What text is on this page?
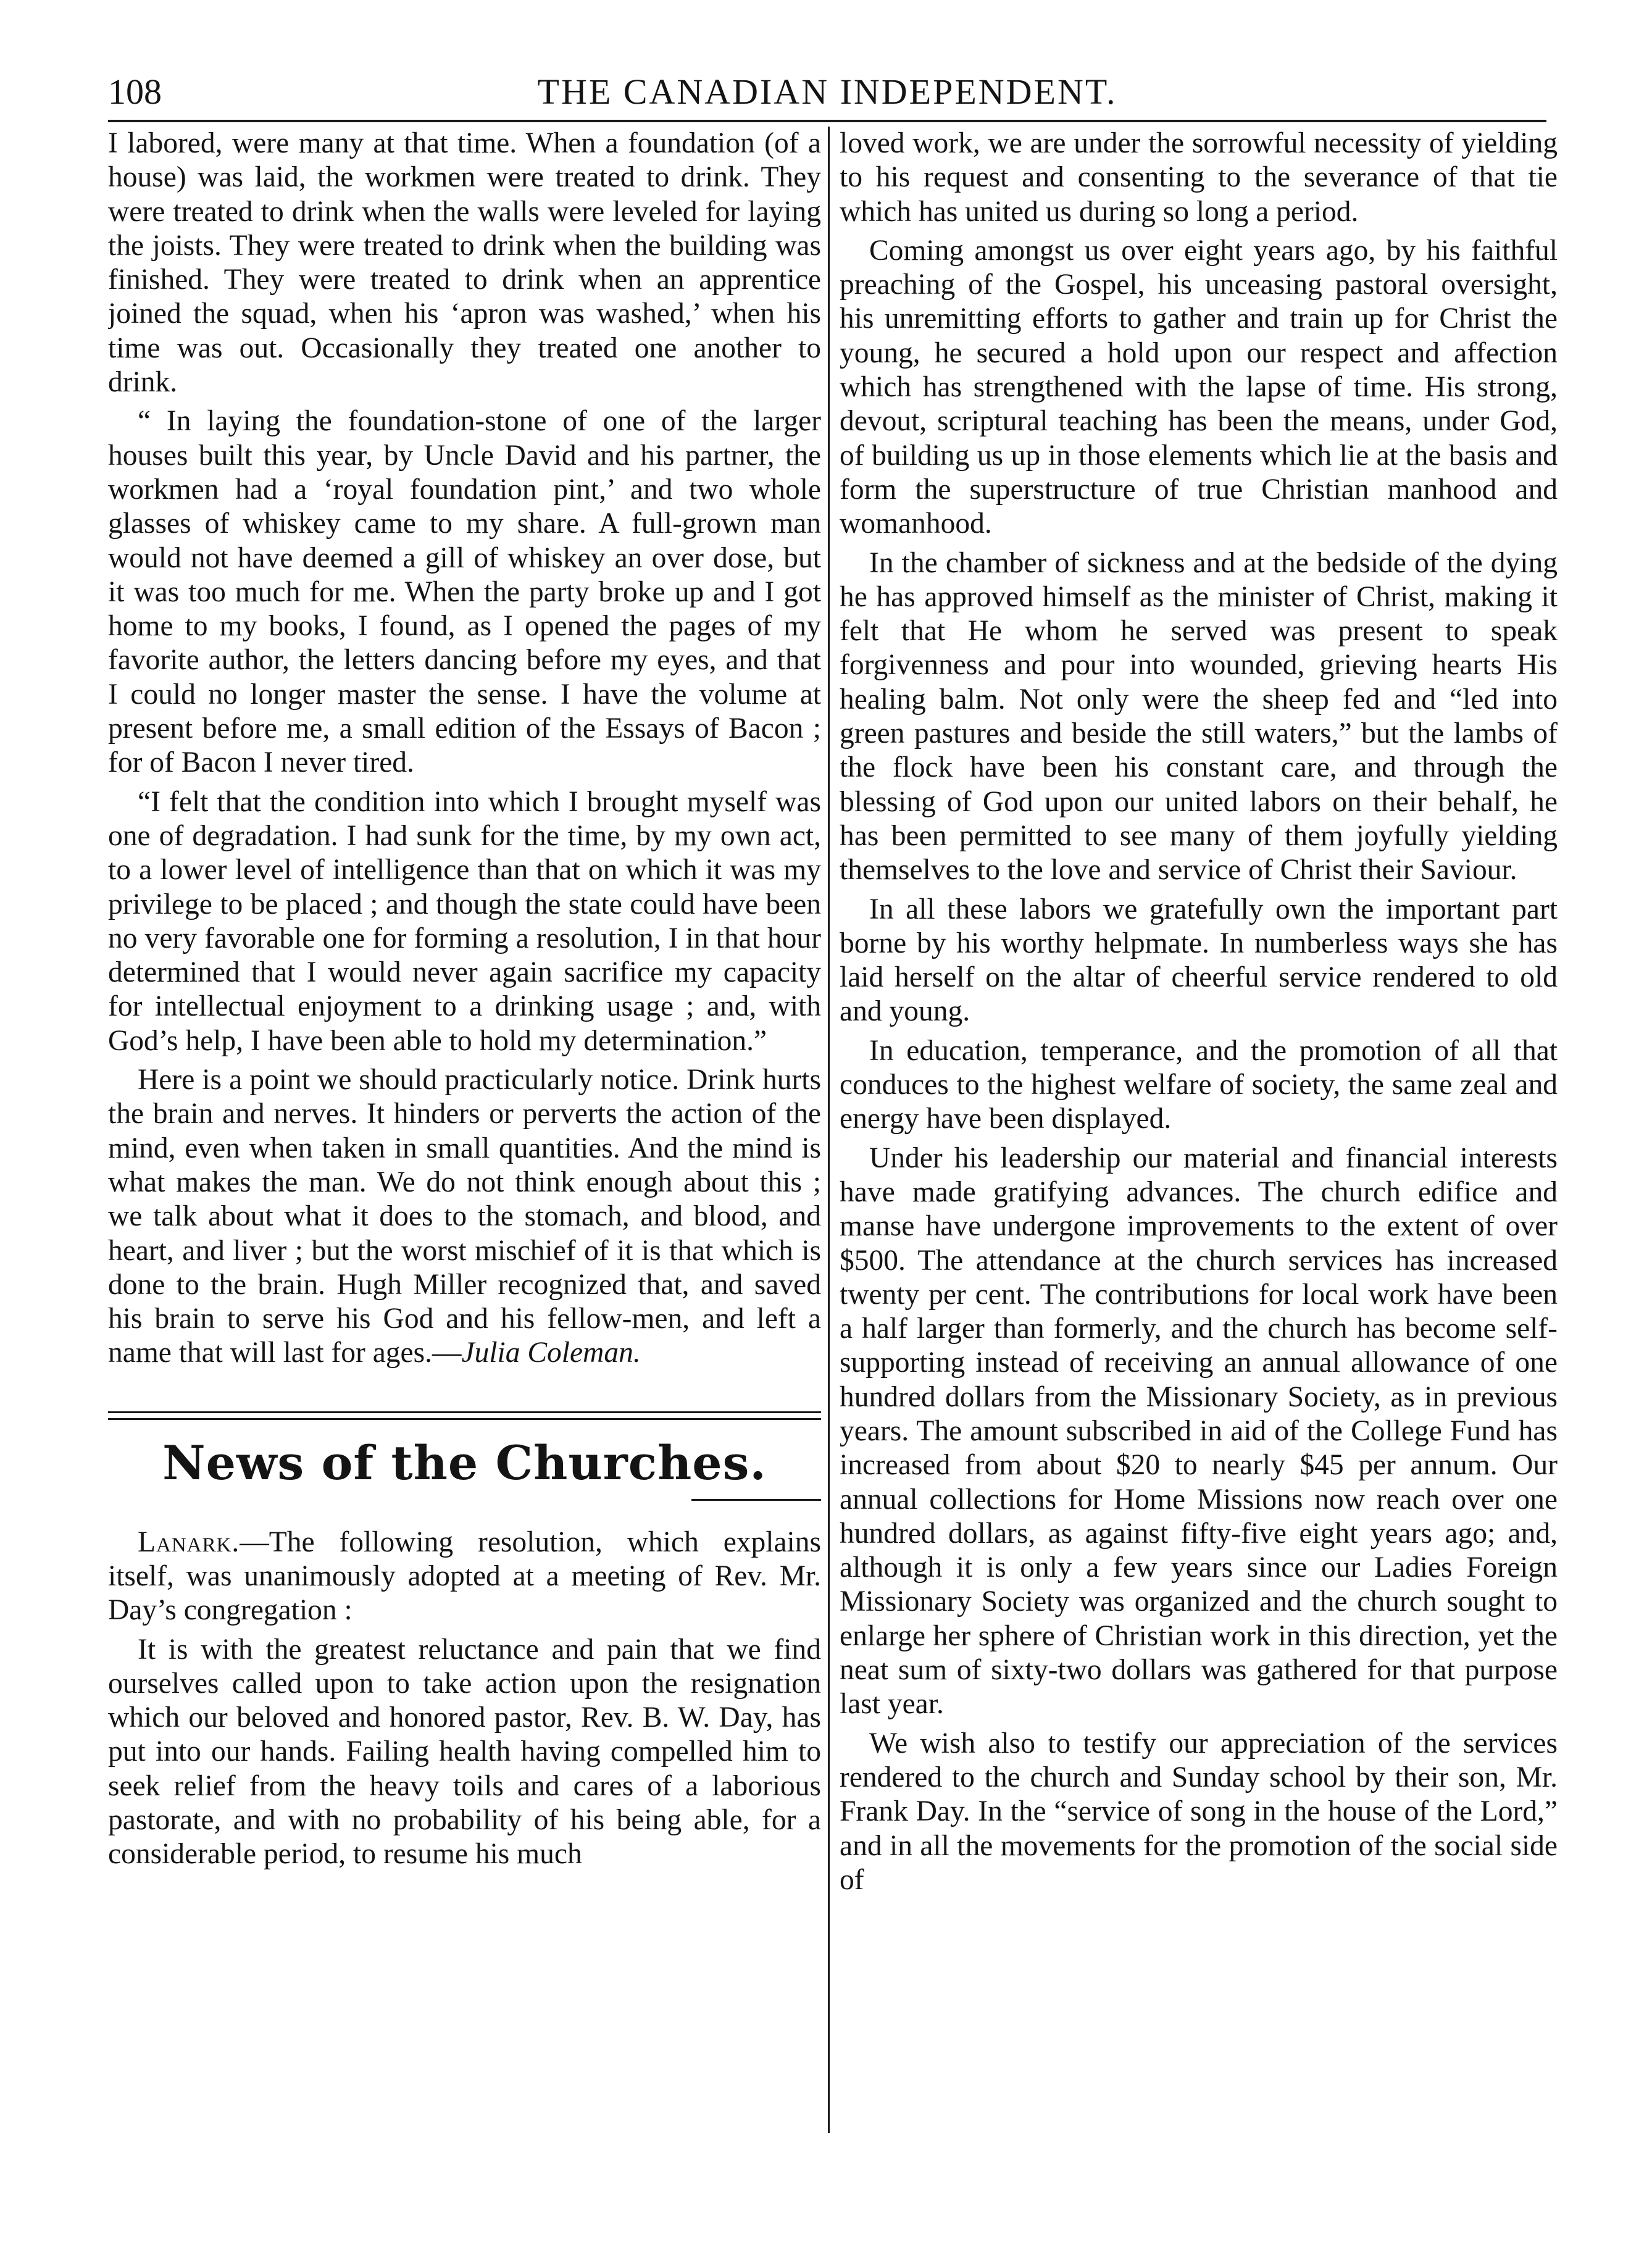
108	THE CANADIAN INDEPENDENT.

I labored, were many at that time. When a foundation (of a house) was laid, the workmen were treated to drink. They were treated to drink when the walls were leveled for laying the joists. They were treated to drink when the building was finished. They were treated to drink when an apprentice joined the squad, when his ‘apron was washed,’ when his time was out. Occasionally they treated one another to drink.

“ In laying the foundation-stone of one of the larger houses built this year, by Uncle David and his partner, the workmen had a ‘royal foundation pint,’ and two whole glasses of whiskey came to my share. A full-grown man would not have deemed a gill of whiskey an over dose, but it was too much for me. When the party broke up and I got home to my books, I found, as I opened the pages of my favorite author, the letters dancing before my eyes, and that I could no longer master the sense. I have the volume at present before me, a small edition of the Essays of Bacon ; for of Bacon I never tired.

“I felt that the condition into which I brought myself was one of degradation. I had sunk for the time, by my own act, to a lower level of intelligence than that on which it was my privilege to be placed ; and though the state could have been no very favorable one for forming a resolution, I in that hour determined that I would never again sacrifice my capacity for intellectual enjoyment to a drinking usage ; and, with God’s help, I have been able to hold my determination.”

Here is a point we should practicularly notice. Drink hurts the brain and nerves. It hinders or perverts the action of the mind, even when taken in small quantities. And the mind is what makes the man. We do not think enough about this ; we talk about what it does to the stomach, and blood, and heart, and liver ; but the worst mischief of it is that which is done to the brain. Hugh Miller recognized that, and saved his brain to serve his God and his fellow-men, and left a name that will last for ages.—Julia Coleman.

News of the Churches.

Lanark.—The following resolution, which explains itself, was unanimously adopted at a meeting of Rev. Mr. Day’s congregation :

It is with the greatest reluctance and pain that we find ourselves called upon to take action upon the resignation which our beloved and honored pastor, Rev. B. W. Day, has put into our hands. Failing health having compelled him to seek relief from the heavy toils and cares of a laborious pastorate, and with no probability of his being able, for a considerable period, to resume his much

loved work, we are under the sorrowful necessity of yielding to his request and consenting to the severance of that tie which has united us during so long a period.

Coming amongst us over eight years ago, by his faithful preaching of the Gospel, his unceasing pastoral oversight, his unremitting efforts to gather and train up for Christ the young, he secured a hold upon our respect and affection which has strengthened with the lapse of time. His strong, devout, scriptural teaching has been the means, under God, of building us up in those elements which lie at the basis and form the superstructure of true Christian manhood and womanhood.

In the chamber of sickness and at the bedside of the dying he has approved himself as the minister of Christ, making it felt that He whom he served was present to speak forgivenness and pour into wounded, grieving hearts His healing balm. Not only were the sheep fed and “led into green pastures and beside the still waters,” but the lambs of the flock have been his constant care, and through the blessing of God upon our united labors on their behalf, he has been permitted to see many of them joyfully yielding themselves to the love and service of Christ their Saviour.

In all these labors we gratefully own the important part borne by his worthy helpmate. In numberless ways she has laid herself on the altar of cheerful service rendered to old and young.

In education, temperance, and the promotion of all that conduces to the highest welfare of society, the same zeal and energy have been displayed.

Under his leadership our material and financial interests have made gratifying advances. The church edifice and manse have undergone improvements to the extent of over $500. The attendance at the church services has increased twenty per cent. The contributions for local work have been a half larger than formerly, and the church has become self-supporting instead of receiving an annual allowance of one hundred dollars from the Missionary Society, as in previous years. The amount subscribed in aid of the College Fund has increased from about $20 to nearly $45 per annum. Our annual collections for Home Missions now reach over one hundred dollars, as against fifty-five eight years ago; and, although it is only a few years since our Ladies Foreign Missionary Society was organized and the church sought to enlarge her sphere of Christian work in this direction, yet the neat sum of sixty-two dollars was gathered for that purpose last year.

We wish also to testify our appreciation of the services rendered to the church and Sunday school by their son, Mr. Frank Day. In the “service of song in the house of the Lord,” and in all the movements for the promotion of the social side of
